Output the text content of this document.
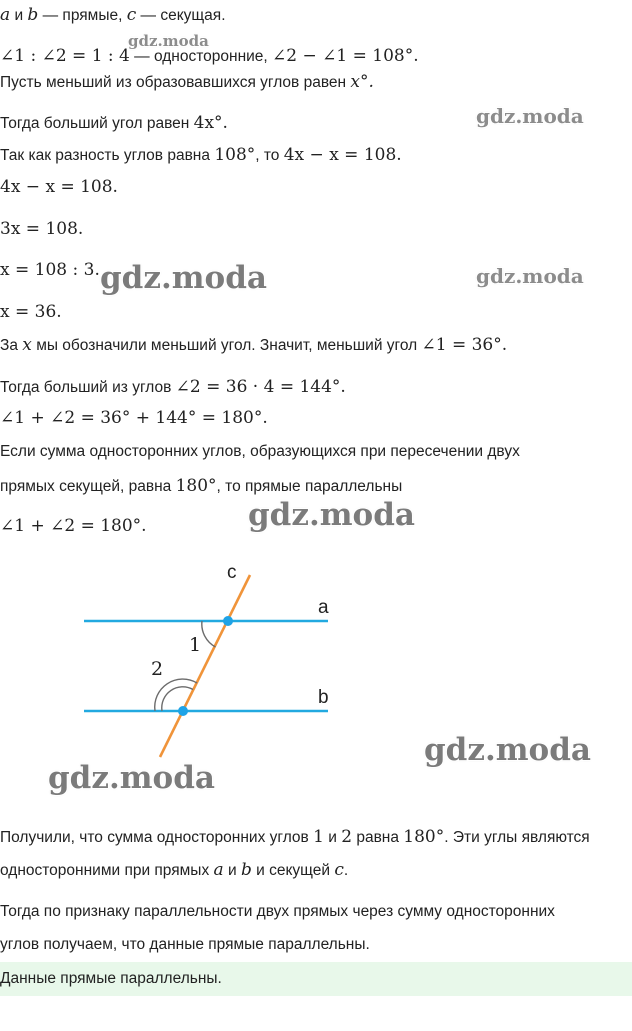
a и b — прямые, c — секущая.
∠1 : ∠2 = 1 : 4 — односторонние, ∠2 − ∠1 = 108°.
Пусть меньший из образовавшихся углов равен x°.
Тогда больший угол равен 4x°.
Так как разность углов равна 108°, то 4x − x = 108.
4x − x = 108.
3x = 108.
x = 108 : 3.
x = 36.
За x мы обозначили меньший угол. Значит, меньший угол ∠1 = 36°.
Тогда больший из углов ∠2 = 36 · 4 = 144°.
∠1 + ∠2 = 36° + 144° = 180°.
Если сумма односторонних углов, образующихся при пересечении двух
прямых секущей, равна 180°, то прямые параллельны
∠1 + ∠2 = 180°.
a
b
c
1
2
Получили, что сумма односторонних углов 1 и 2 равна 180°. Эти углы являются
односторонними при прямых a и b и секущей c.
Тогда по признаку параллельности двух прямых через сумму односторонних
углов получаем, что данные прямые параллельны.
Данные прямые параллельны.
gdz.moda
gdz.moda
gdz.moda	gdz.moda
gdz.moda
gdz.moda
gdz.moda
